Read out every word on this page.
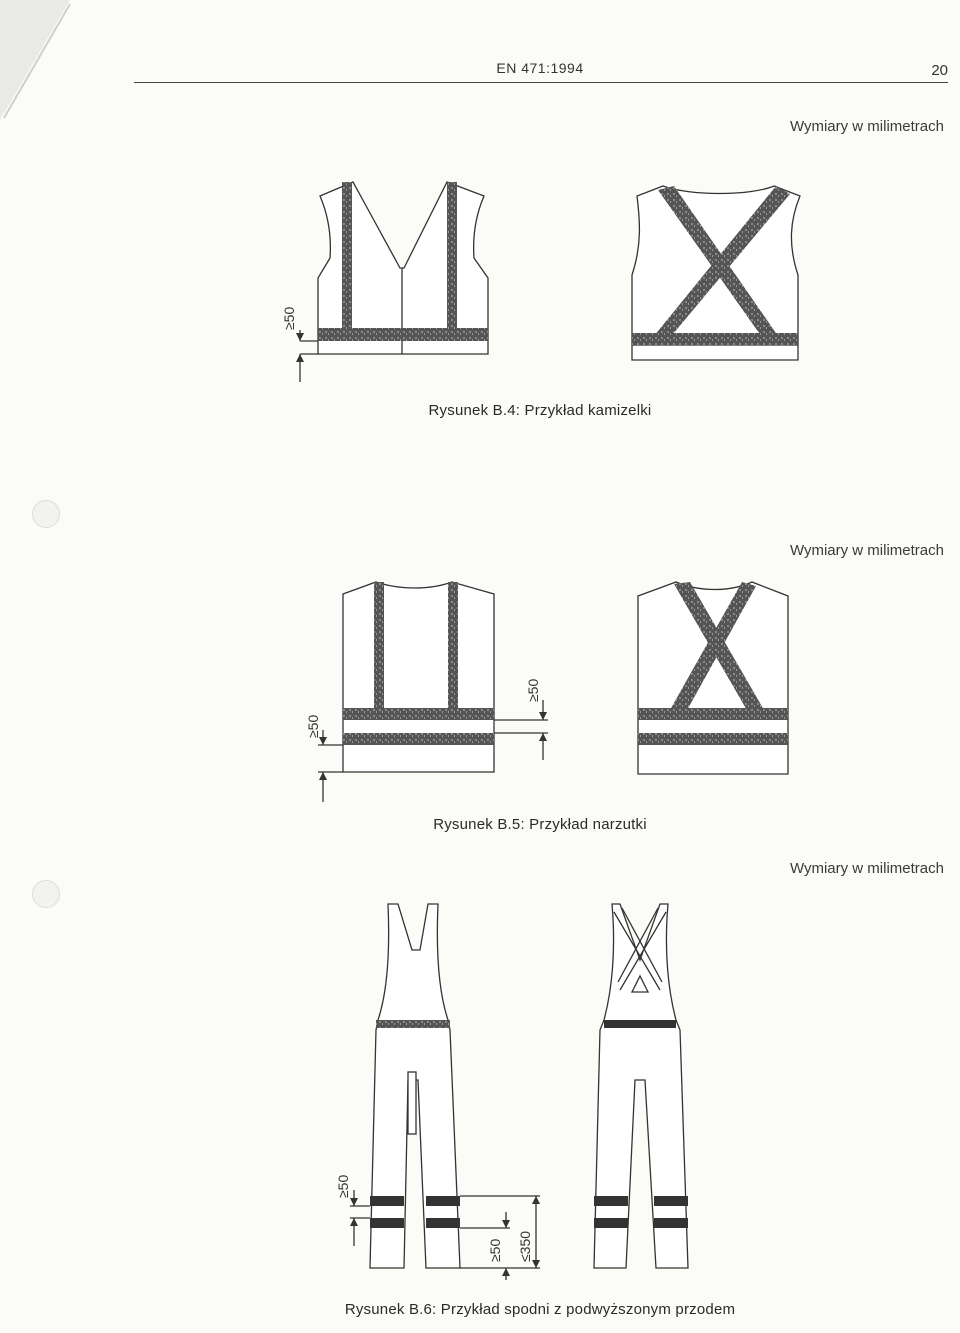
EN 471:1994	20
Wymiary w milimetrach
≥50
≥50
≥50
≥50
≥50 ≤350
Rysunek B.4: Przykład kamizelki
Wymiary w milimetrach
Rysunek B.5: Przykład narzutki
Wymiary w milimetrach
Rysunek B.6: Przykład spodni z podwyższonym przodem
